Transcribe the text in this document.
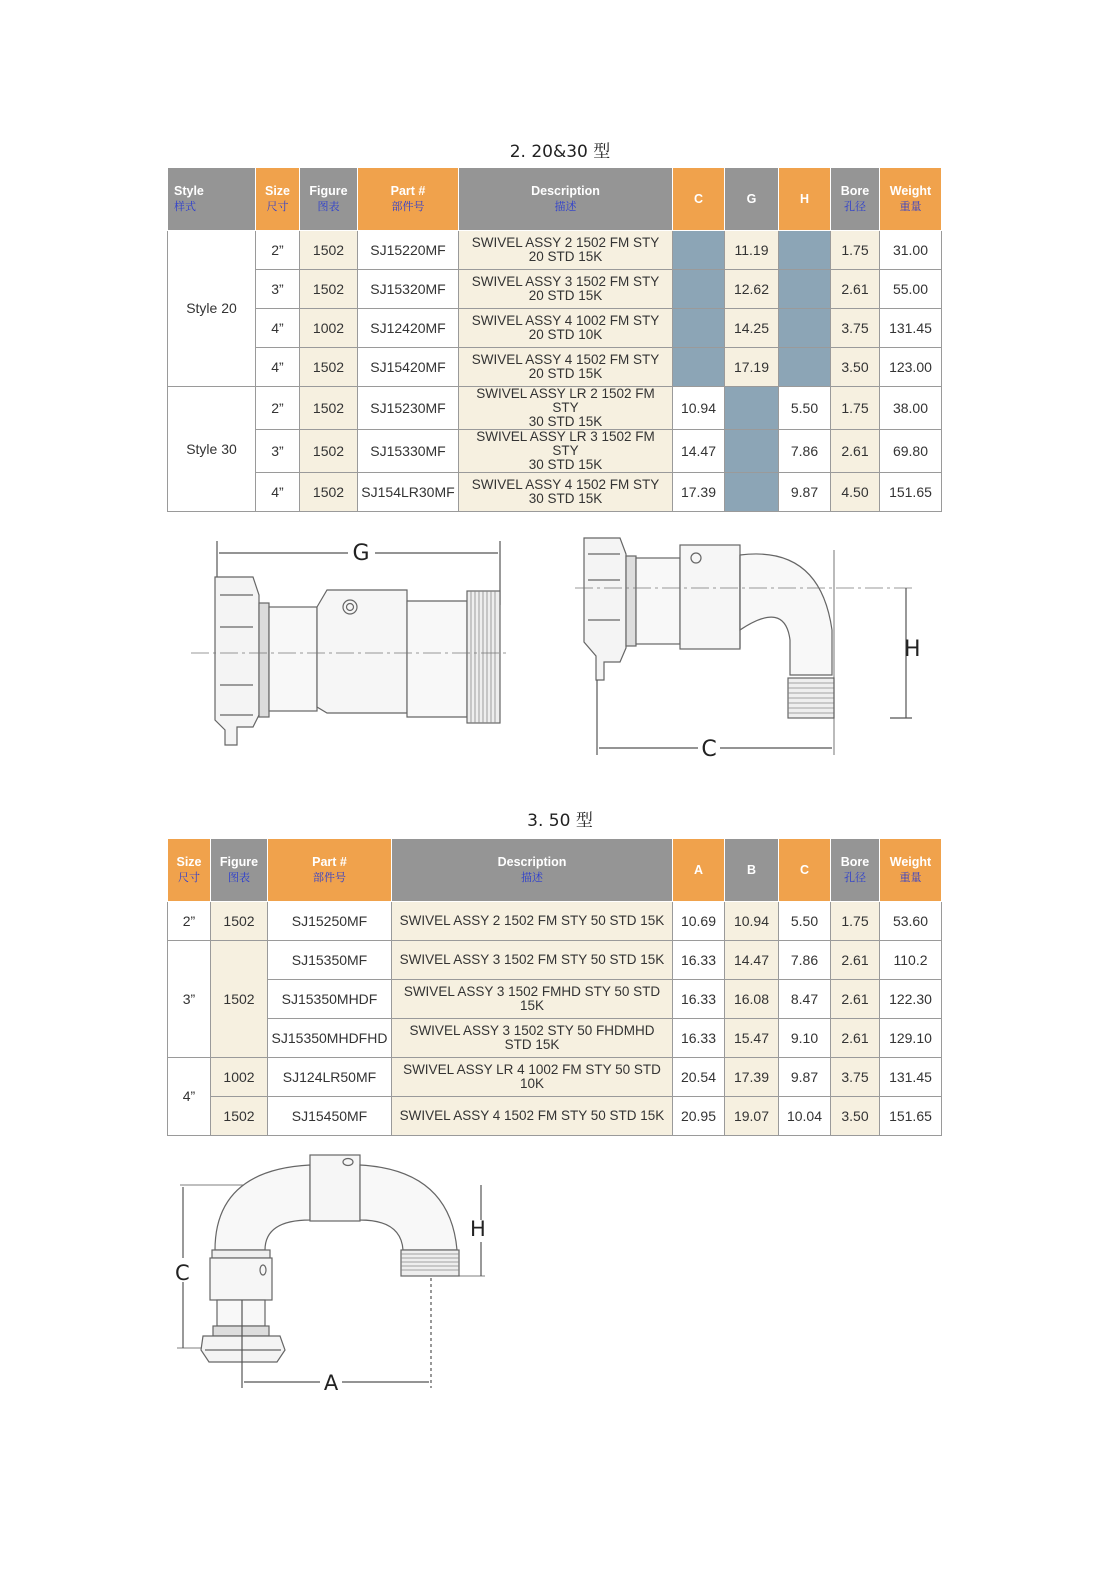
2. 20&30 型
Style
样式	Size
尺寸	Figure
图表	Part #
部件号	Description
描述	C	G	H	Bore
孔径	Weight
重量

Style 20	2”	1502	SJ15220MF	SWIVEL ASSY 2 1502 FM STY
20 STD 15K		11.19		1.75	31.00
	3”	1502	SJ15320MF	SWIVEL ASSY 3 1502 FM STY
20 STD 15K		12.62		2.61	55.00
	4”	1002	SJ12420MF	SWIVEL ASSY 4 1002 FM STY
20 STD 10K		14.25		3.75	131.45
	4”	1502	SJ15420MF	SWIVEL ASSY 4 1502 FM STY
20 STD 15K		17.19		3.50	123.00
Style 30	2”	1502	SJ15230MF	SWIVEL ASSY LR 2 1502 FM STY
30 STD 15K	10.94		5.50	1.75	38.00
	3”	1502	SJ15330MF	SWIVEL ASSY LR 3 1502 FM STY
30 STD 15K	14.47		7.86	2.61	69.80
	4”	1502	SJ154LR30MF	SWIVEL ASSY 4 1502 FM STY
30 STD 15K	17.39		9.87	4.50	151.65
G
H
C
3. 50 型
Size
尺寸	Figure
图表	Part #
部件号	Description
描述	A	B	C	Bore
孔径	Weight
重量

2”	1502	SJ15250MF	SWIVEL ASSY 2 1502 FM STY 50 STD 15K	10.69	10.94	5.50	1.75	53.60
3”	1502	SJ15350MF	SWIVEL ASSY 3 1502 FM STY 50 STD 15K	16.33	14.47	7.86	2.61	110.2
		SJ15350MHDF	SWIVEL ASSY 3 1502 FMHD STY 50 STD
15K	16.33	16.08	8.47	2.61	122.30
		SJ15350MHDFHD	SWIVEL ASSY 3 1502 STY 50 FHDMHD
STD 15K	16.33	15.47	9.10	2.61	129.10
4”	1002	SJ124LR50MF	SWIVEL ASSY LR 4 1002 FM STY 50 STD
10K	20.54	17.39	9.87	3.75	131.45
	1502	SJ15450MF	SWIVEL ASSY 4 1502 FM STY 50 STD 15K	20.95	19.07	10.04	3.50	151.65
C
H
A
